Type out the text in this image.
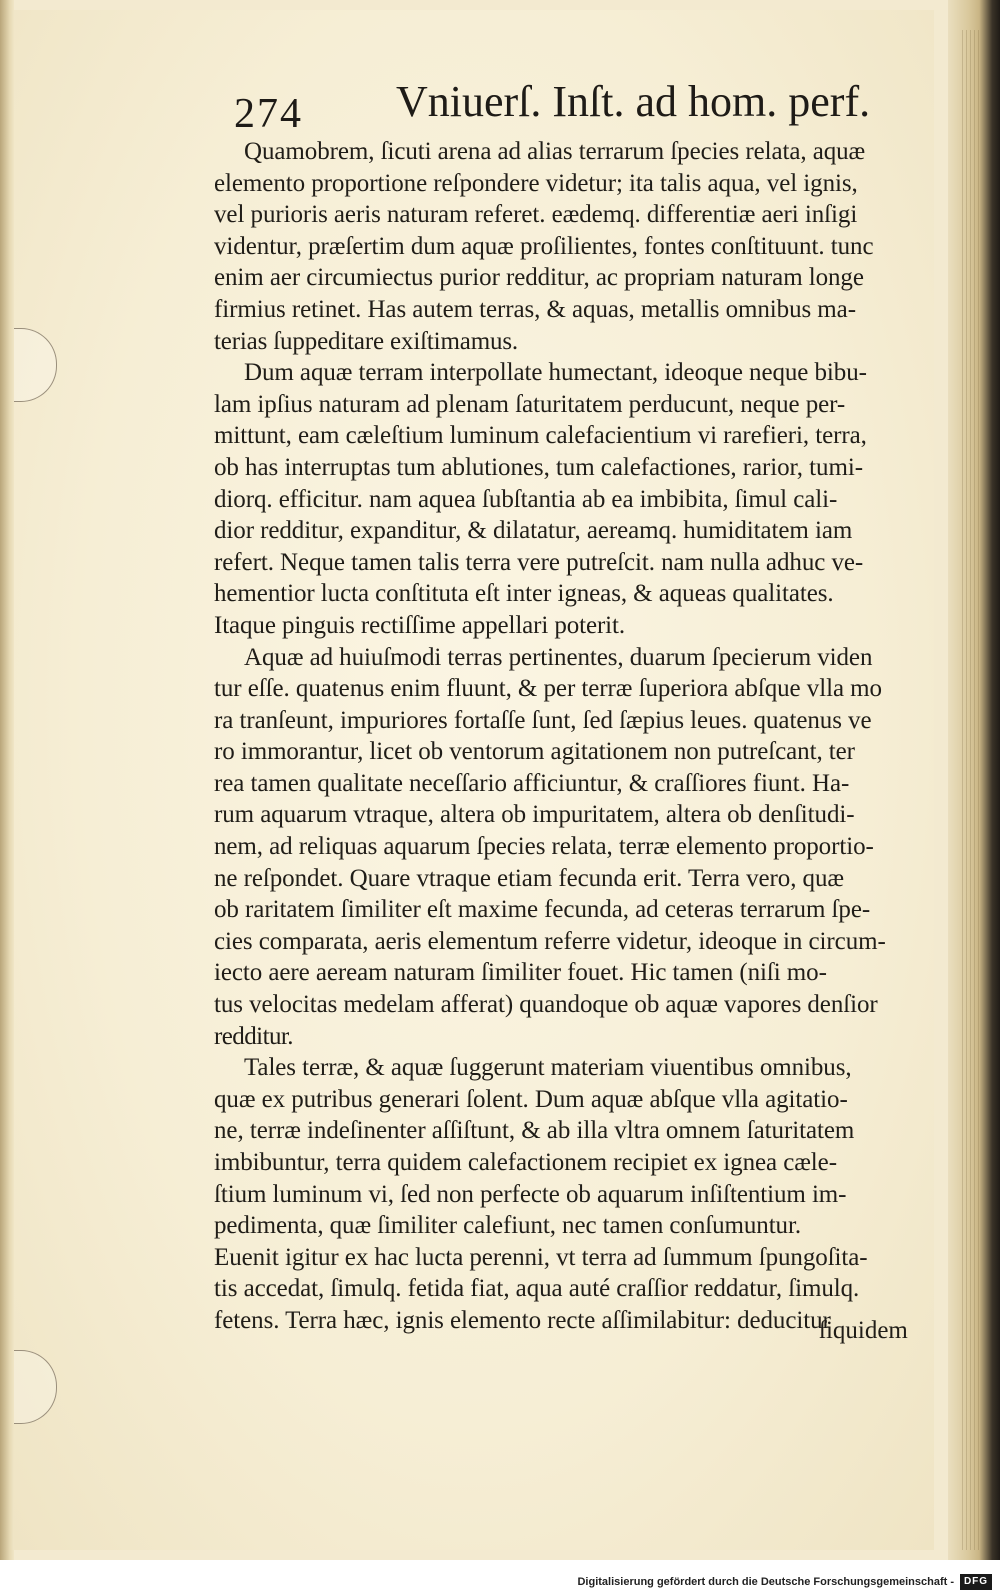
274 Vniuerſ. Inſt. ad hom. perf.
Quamobrem, ſicuti arena ad alias terrarum ſpecies relata, aquæ
elemento proportione reſpondere videtur; ita talis aqua, vel ignis,
vel purioris aeris naturam referet. eædemq. differentiæ aeri inſigi
videntur, præſertim dum aquæ proſilientes, fontes conſtituunt. tunc
enim aer circumiectus purior redditur, ac propriam naturam longe
firmius retinet. Has autem terras, & aquas, metallis omnibus ma-
terias ſuppeditare exiſtimamus.
Dum aquæ terram interpollate humectant, ideoque neque bibu-
lam ipſius naturam ad plenam ſaturitatem perducunt, neque per-
mittunt, eam cæleſtium luminum calefacientium vi rarefieri, terra,
ob has interruptas tum ablutiones, tum calefactiones, rarior, tumi-
diorq. efficitur. nam aquea ſubſtantia ab ea imbibita, ſimul cali-
dior redditur, expanditur, & dilatatur, aereamq. humiditatem iam
refert. Neque tamen talis terra vere putreſcit. nam nulla adhuc ve-
hementior lucta conſtituta eſt inter igneas, & aqueas qualitates.
Itaque pinguis rectiſſime appellari poterit.
Aquæ ad huiuſmodi terras pertinentes, duarum ſpecierum viden
tur eſſe. quatenus enim fluunt, & per terræ ſuperiora abſque vlla mo
ra tranſeunt, impuriores fortaſſe ſunt, ſed ſæpius leues. quatenus ve
ro immorantur, licet ob ventorum agitationem non putreſcant, ter
rea tamen qualitate neceſſario afficiuntur, & craſſiores fiunt. Ha-
rum aquarum vtraque, altera ob impuritatem, altera ob denſitudi-
nem, ad reliquas aquarum ſpecies relata, terræ elemento proportio-
ne reſpondet. Quare vtraque etiam fecunda erit. Terra vero, quæ
ob raritatem ſimiliter eſt maxime fecunda, ad ceteras terrarum ſpe-
cies comparata, aeris elementum referre videtur, ideoque in circum-
iecto aere aeream naturam ſimiliter fouet. Hic tamen (niſi mo-
tus velocitas medelam afferat) quandoque ob aquæ vapores denſior
redditur.
Tales terræ, & aquæ ſuggerunt materiam viuentibus omnibus,
quæ ex putribus generari ſolent. Dum aquæ abſque vlla agitatio-
ne, terræ indeſinenter aſſiſtunt, & ab illa vltra omnem ſaturitatem
imbibuntur, terra quidem calefactionem recipiet ex ignea cæle-
ſtium luminum vi, ſed non perfecte ob aquarum inſiſtentium im-
pedimenta, quæ ſimiliter calefiunt, nec tamen conſumuntur.
Euenit igitur ex hac lucta perenni, vt terra ad ſummum ſpungoſita-
tis accedat, ſimulq. fetida fiat, aqua auté craſſior reddatur, ſimulq.
fetens. Terra hæc, ignis elemento recte aſſimilabitur: deducitur
ſiquidem
Digitalisierung gefördert durch die Deutsche Forschungsgemeinschaft - DFG
